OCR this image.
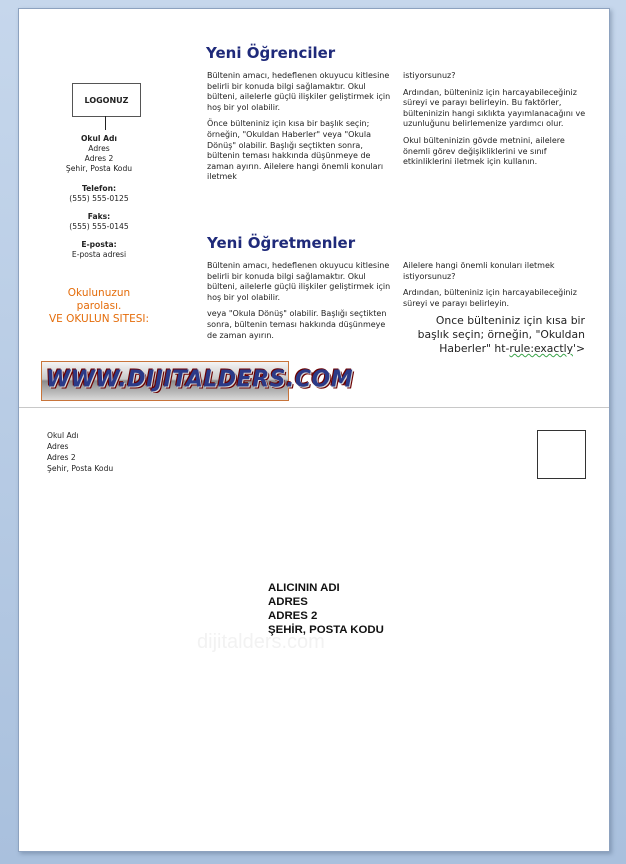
LOGONUZ
Okul Adı
Adres
Adres 2
Şehir, Posta Kodu
Telefon:
(555) 555-0125
Faks:
(555) 555-0145
E-posta:
E-posta adresi
Okulunuzun
parolası.
VE OKULUN SITESI:
WWW.DIJITALDERS.COM
Yeni Öğrenciler

Bültenin amacı, hedeflenen okuyucu kitlesine belirli bir konuda bilgi sağlamaktır. Okul bülteni, ailelerle güçlü ilişkiler geliştirmek için hoş bir yol olabilir.

Önce bülteniniz için kısa bir başlık seçin; örneğin, "Okuldan Haberler" veya "Okula Dönüş" olabilir. Başlığı seçtikten sonra, bültenin teması hakkında düşünmeye de zaman ayırın. Ailelere hangi önemli konuları iletmek

istiyorsunuz?

Ardından, bülteniniz için harcayabileceğiniz süreyi ve parayı belirleyin. Bu faktörler, bülteninizin hangi sıklıkta yayımlanacağını ve uzunluğunu belirlemenize yardımcı olur.

Okul bülteninizin gövde metnini, ailelere önemli görev değişikliklerini ve sınıf etkinliklerini iletmek için kullanın.

Yeni Öğretmenler

Bültenin amacı, hedeflenen okuyucu kitlesine belirli bir konuda bilgi sağlamaktır. Okul bülteni, ailelerle güçlü ilişkiler geliştirmek için hoş bir yol olabilir.

veya "Okula Dönüş" olabilir. Başlığı seçtikten sonra, bültenin teması hakkında düşünmeye de zaman ayırın.

Ailelere hangi önemli konuları iletmek istiyorsunuz?

Ardından, bülteniniz için harcayabileceğiniz süreyi ve parayı belirleyin.

Once bülteniniz için kısa bir
başlık seçin; örneğin, "Okuldan
Haberler" ht-rule:exactly'>
Okul Adı
Adres
Adres 2
Şehir, Posta Kodu
dijitalders.com
ALICININ ADI
ADRES
ADRES 2
ŞEHİR, POSTA KODU
